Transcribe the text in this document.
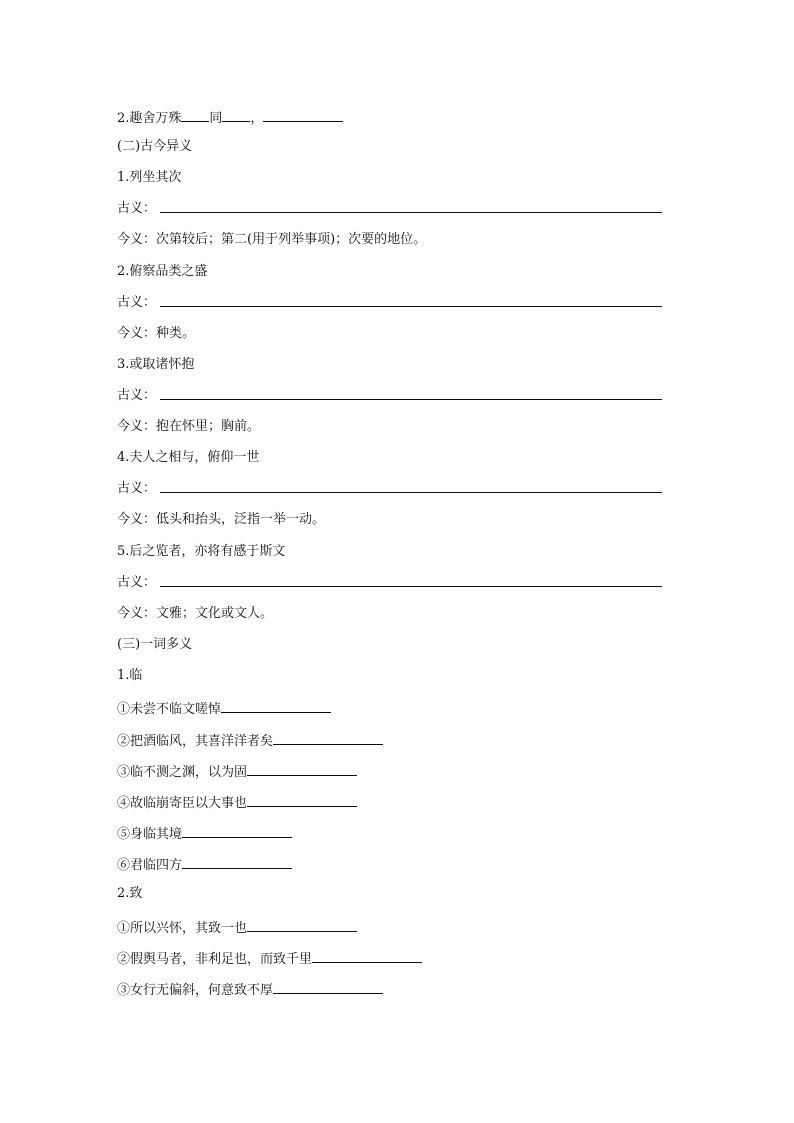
2.趣舍万殊 同 ，
(二)古今异义
1.列坐其次
古义：
今义：次第较后；第二(用于列举事项)；次要的地位。
2.俯察品类之盛
古义：
今义：种类。
3.或取诸怀抱
古义：
今义：抱在怀里；胸前。
4.夫人之相与，俯仰一世
古义：
今义：低头和抬头，泛指一举一动。
5.后之览者，亦将有感于斯文
古义：
今义：文雅；文化或文人。
(三)一词多义
1.临
①未尝不临文嗟悼
②把酒临风，其喜洋洋者矣
③临不测之渊，以为固
④故临崩寄臣以大事也
⑤身临其境
⑥君临四方
2.致
①所以兴怀，其致一也
②假舆马者，非利足也，而致千里
③女行无偏斜，何意致不厚
